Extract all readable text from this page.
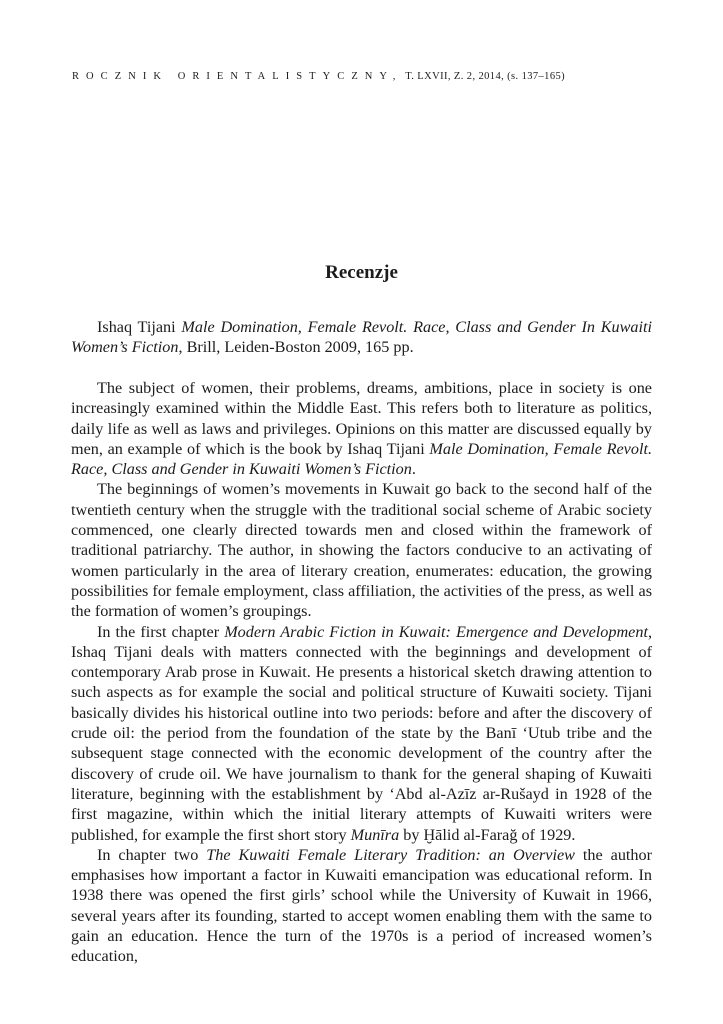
ROCZNIK ORIENTALISTYCZNY, T. LXVII, Z. 2, 2014, (s. 137–165)
Recenzje

Ishaq Tijani Male Domination, Female Revolt. Race, Class and Gender In Kuwaiti Women’s Fiction, Brill, Leiden-Boston 2009, 165 pp.

The subject of women, their problems, dreams, ambitions, place in society is one increasingly examined within the Middle East. This refers both to literature as politics, daily life as well as laws and privileges. Opinions on this matter are discussed equally by men, an example of which is the book by Ishaq Tijani Male Domination, Female Revolt. Race, Class and Gender in Kuwaiti Women’s Fiction.

The beginnings of women’s movements in Kuwait go back to the second half of the twentieth century when the struggle with the traditional social scheme of Arabic society commenced, one clearly directed towards men and closed within the framework of traditional patriarchy. The author, in showing the factors conducive to an activating of women particularly in the area of literary creation, enumerates: education, the growing possibilities for female employment, class affiliation, the activities of the press, as well as the formation of women’s groupings.

In the first chapter Modern Arabic Fiction in Kuwait: Emergence and Development, Ishaq Tijani deals with matters connected with the beginnings and development of contemporary Arab prose in Kuwait. He presents a historical sketch drawing attention to such aspects as for example the social and political structure of Kuwaiti society. Tijani basically divides his historical outline into two periods: before and after the discovery of crude oil: the period from the foundation of the state by the Banī ‘Utub tribe and the subsequent stage connected with the economic development of the country after the discovery of crude oil. We have journalism to thank for the general shaping of Kuwaiti literature, beginning with the establishment by ‘Abd al-Azīz ar-Rušayd in 1928 of the first magazine, within which the initial literary attempts of Kuwaiti writers were published, for example the first short story Munīra by Ḫālid al-Farağ of 1929.

In chapter two The Kuwaiti Female Literary Tradition: an Overview the author emphasises how important a factor in Kuwaiti emancipation was educational reform. In 1938 there was opened the first girls’ school while the University of Kuwait in 1966, several years after its founding, started to accept women enabling them with the same to gain an education. Hence the turn of the 1970s is a period of increased women’s education,
